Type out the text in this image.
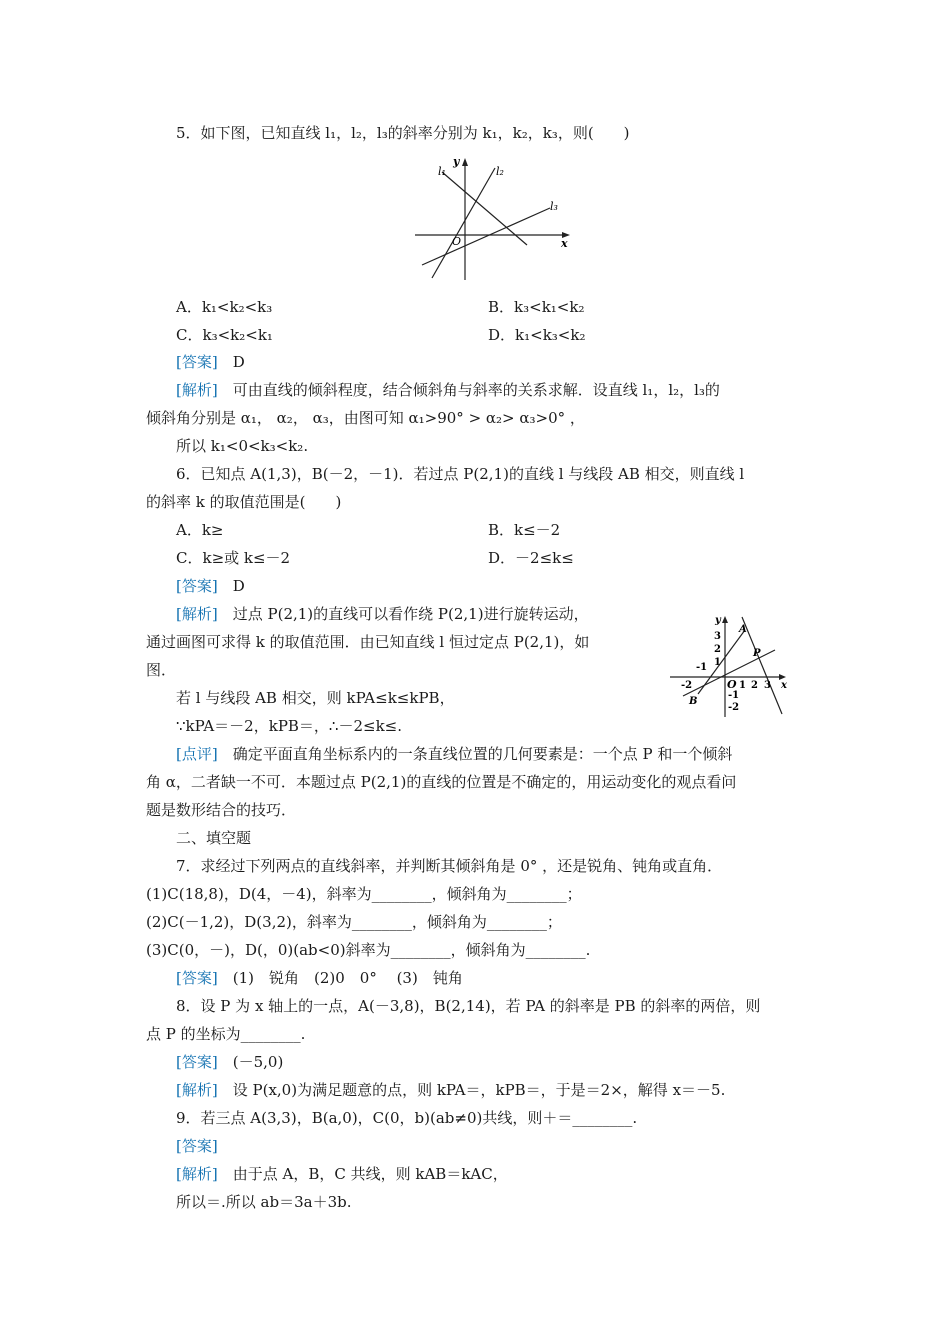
5．如下图，已知直线 l₁，l₂，l₃的斜率分别为 k₁，k₂，k₃，则(　　)
y
x
O
l₁	l₂
l₃
A．k₁<k₂<k₃	B．k₃<k₁<k₂
C．k₃<k₂<k₁	D．k₁<k₃<k₂
[答案]　 D
[解析]　 可由直线的倾斜程度，结合倾斜角与斜率的关系求解．设直线 l₁，l₂，l₃的
倾斜角分别是 α₁， α₂， α₃，由图可知 α₁>90° > α₂> α₃>0° ，
所以 k₁<0<k₃<k₂.
6．已知点 A(1,3)，B(－2，－1)．若过点 P(2,1)的直线 l 与线段 AB 相交，则直线 l
的斜率 k 的取值范围是(　　)
A．k≥	B．k≤－2
C．k≥或 k≤－2	D．－2≤k≤
[答案]　 D
[解析]　 过点 P(2,1)的直线可以看作绕 P(2,1)进行旋转运动，
通过画图可求得 k 的取值范围．由已知直线 l 恒过定点 P(2,1)，如
图．
若 l 与线段 AB 相交，则 kPA≤k≤kPB，
∵kPA＝－2，kPB＝，∴－2≤k≤.
y
x
O
A
B
P
-2
-1
1 2 3
3
2
1
-1
-2
[点评]　 确定平面直角坐标系内的一条直线位置的几何要素是：一个点 P 和一个倾斜
角 α，二者缺一不可．本题过点 P(2,1)的直线的位置是不确定的，用运动变化的观点看问
题是数形结合的技巧．
二、填空题
7．求经过下列两点的直线斜率，并判断其倾斜角是 0° ，还是锐角、钝角或直角．
(1)C(18,8)，D(4，－4)，斜率为________，倾斜角为________；
(2)C(－1,2)，D(3,2)，斜率为________，倾斜角为________；
(3)C(0，－)，D(，0)(ab<0)斜率为________，倾斜角为________.
[答案]　 (1)　锐角　(2)0　0°　 (3)　钝角
8．设 P 为 x 轴上的一点，A(－3,8)，B(2,14)，若 PA 的斜率是 PB 的斜率的两倍，则
点 P 的坐标为________.
[答案]　 (－5,0)
[解析]　 设 P(x,0)为满足题意的点，则 kPA＝，kPB＝，于是＝2×，解得 x＝－5.
9．若三点 A(3,3)，B(a,0)，C(0，b)(ab≠0)共线，则＋＝________.
[答案]
[解析]　 由于点 A，B，C 共线，则 kAB＝kAC，
所以＝.所以 ab＝3a＋3b.
